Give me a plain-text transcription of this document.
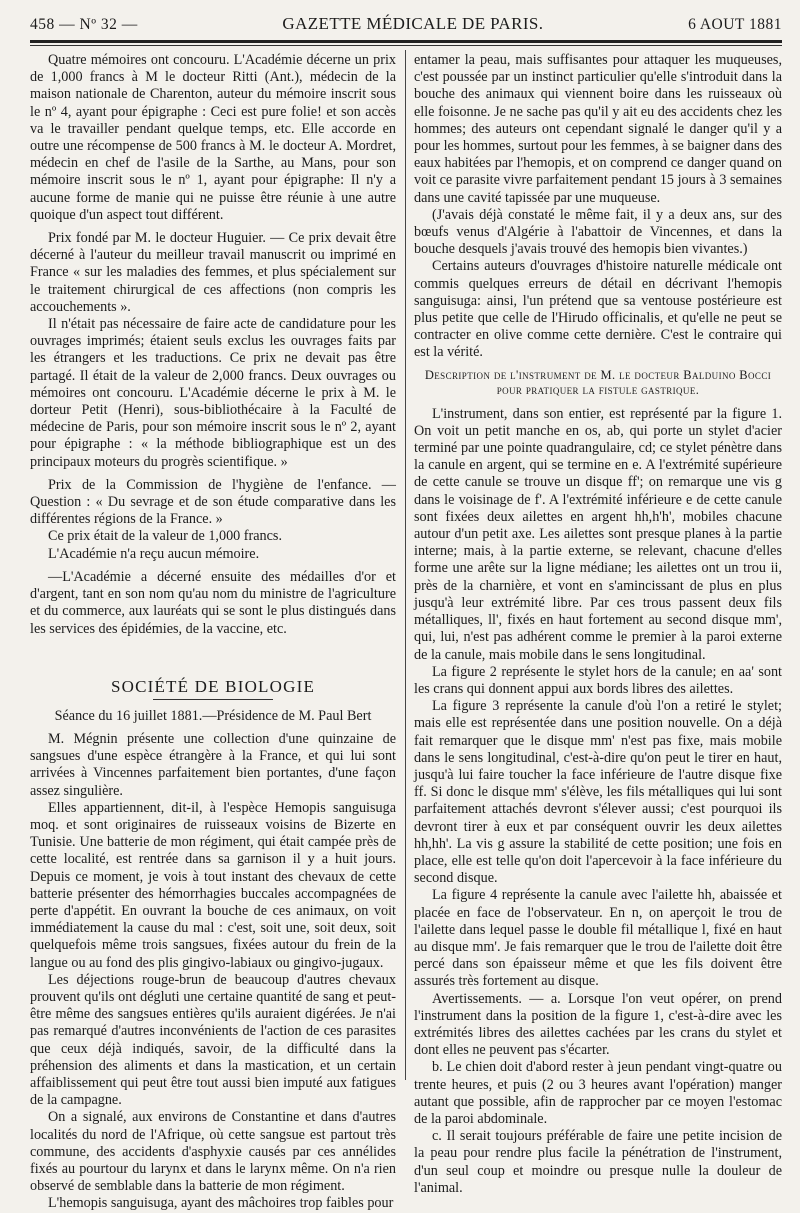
458 — Nº 32 —	GAZETTE MÉDICALE DE PARIS.	6 AOUT 1881

Quatre mémoires ont concouru. L'Académie décerne un prix de 1,000 francs à M le docteur Ritti (Ant.), médecin de la maison nationale de Charenton, auteur du mémoire inscrit sous le nº 4, ayant pour épigraphe : Ceci est pure folie! et son accès va le travailler pendant quelque temps, etc. Elle accorde en outre une récompense de 500 francs à M. le docteur A. Mordret, médecin en chef de l'asile de la Sarthe, au Mans, pour son mémoire inscrit sous le nº 1, ayant pour épigraphe: Il n'y a aucune forme de manie qui ne puisse être réunie à une autre quoique d'un aspect tout différent.

Prix fondé par M. le docteur Huguier. — Ce prix devait être décerné à l'auteur du meilleur travail manuscrit ou imprimé en France « sur les maladies des femmes, et plus spécialement sur le traitement chirurgical de ces affections (non compris les accouchements ».

Il n'était pas nécessaire de faire acte de candidature pour les ouvrages imprimés; étaient seuls exclus les ouvrages faits par les étrangers et les traductions. Ce prix ne devait pas être partagé. Il était de la valeur de 2,000 francs. Deux ouvrages ou mémoires ont concouru. L'Académie décerne le prix à M. le dorteur Petit (Henri), sous-bibliothécaire à la Faculté de médecine de Paris, pour son mémoire inscrit sous le nº 2, ayant pour épigraphe : « la méthode bibliographique est un des principaux moteurs du progrès scientifique. »

Prix de la Commission de l'hygiène de l'enfance. — Question : « Du sevrage et de son étude comparative dans les différentes régions de la France. »

Ce prix était de la valeur de 1,000 francs.

L'Académie n'a reçu aucun mémoire.

—L'Académie a décerné ensuite des médailles d'or et d'argent, tant en son nom qu'au nom du ministre de l'agriculture et du commerce, aux lauréats qui se sont le plus distingués dans les services des épidémies, de la vaccine, etc.

SOCIÉTÉ DE BIOLOGIE

Séance du 16 juillet 1881.—Présidence de M. Paul Bert

M. Mégnin présente une collection d'une quinzaine de sangsues d'une espèce étrangère à la France, et qui lui sont arrivées à Vincennes parfaitement bien portantes, d'une façon assez singulière.

Elles appartiennent, dit-il, à l'espèce Hemopis sanguisuga moq. et sont originaires de ruisseaux voisins de Bizerte en Tunisie. Une batterie de mon régiment, qui était campée près de cette localité, est rentrée dans sa garnison il y a huit jours. Depuis ce moment, je vois à tout instant des chevaux de cette batterie présenter des hémorrhagies buccales accompagnées de perte d'appétit. En ouvrant la bouche de ces animaux, on voit immédiatement la cause du mal : c'est, soit une, soit deux, soit quelquefois même trois sangsues, fixées autour du frein de la langue ou au fond des plis gingivo-labiaux ou gingivo-jugaux.

Les déjections rouge-brun de beaucoup d'autres chevaux prouvent qu'ils ont dégluti une certaine quantité de sang et peut-être même des sangsues entières qu'ils auraient digérées. Je n'ai pas remarqué d'autres inconvénients de l'action de ces parasites que ceux déjà indiqués, savoir, de la difficulté dans la préhension des aliments et dans la mastication, et un certain affaiblissement qui peut être tout aussi bien imputé aux fatigues de la campagne.

On a signalé, aux environs de Constantine et dans d'autres localités du nord de l'Afrique, où cette sangsue est partout très commune, des accidents d'asphyxie causés par ces annélides fixés au pourtour du larynx et dans le larynx même. On n'a rien observé de semblable dans la batterie de mon régiment.

L'hemopis sanguisuga, ayant des mâchoires trop faibles pour

entamer la peau, mais suffisantes pour attaquer les muqueuses, c'est poussée par un instinct particulier qu'elle s'introduit dans la bouche des animaux qui viennent boire dans les ruisseaux où elle foisonne. Je ne sache pas qu'il y ait eu des accidents chez les hommes; des auteurs ont cependant signalé le danger qu'il y a pour les hommes, surtout pour les femmes, à se baigner dans des eaux habitées par l'hemopis, et on comprend ce danger quand on voit ce parasite vivre parfaitement pendant 15 jours à 3 semaines dans une cavité tapissée par une muqueuse.

(J'avais déjà constaté le même fait, il y a deux ans, sur des bœufs venus d'Algérie à l'abattoir de Vincennes, et dans la bouche desquels j'avais trouvé des hemopis bien vivantes.)

Certains auteurs d'ouvrages d'histoire naturelle médicale ont commis quelques erreurs de détail en décrivant l'hemopis sanguisuga: ainsi, l'un prétend que sa ventouse postérieure est plus petite que celle de l'Hirudo officinalis, et qu'elle ne peut se contracter en olive comme cette dernière. C'est le contraire qui est la vérité.

Description de l'instrument de M. le docteur Balduino Bocci pour pratiquer la fistule gastrique.

L'instrument, dans son entier, est représenté par la figure 1. On voit un petit manche en os, ab, qui porte un stylet d'acier terminé par une pointe quadrangulaire, cd; ce stylet pénètre dans la canule en argent, qui se termine en e. A l'extrémité supérieure de cette canule se trouve un disque ff'; on remarque une vis g dans le voisinage de f'. A l'extrémité inférieure e de cette canule sont fixées deux ailettes en argent hh,h'h', mobiles chacune autour d'un petit axe. Les ailettes sont presque planes à la partie interne; mais, à la partie externe, se relevant, chacune d'elles forme une arête sur la ligne médiane; les ailettes ont un trou ii, près de la charnière, et vont en s'amincissant de plus en plus jusqu'à leur extrémité libre. Par ces trous passent deux fils métalliques, ll', fixés en haut fortement au second disque mm', qui, lui, n'est pas adhérent comme le premier à la paroi externe de la canule, mais mobile dans le sens longitudinal.

La figure 2 représente le stylet hors de la canule; en aa' sont les crans qui donnent appui aux bords libres des ailettes.

La figure 3 représente la canule d'où l'on a retiré le stylet; mais elle est représentée dans une position nouvelle. On a déjà fait remarquer que le disque mm' n'est pas fixe, mais mobile dans le sens longitudinal, c'est-à-dire qu'on peut le tirer en haut, jusqu'à lui faire toucher la face inférieure de l'autre disque fixe ff. Si donc le disque mm' s'élève, les fils métalliques qui lui sont parfaitement attachés devront s'élever aussi; c'est pourquoi ils devront tirer à eux et par conséquent ouvrir les deux ailettes hh,hh'. La vis g assure la stabilité de cette position; une fois en place, elle est telle qu'on doit l'apercevoir à la face inférieure du second disque.

La figure 4 représente la canule avec l'ailette hh, abaissée et placée en face de l'observateur. En n, on aperçoit le trou de l'ailette dans lequel passe le double fil métallique l, fixé en haut au disque mm'. Je fais remarquer que le trou de l'ailette doit être percé dans son épaisseur même et que les fils doivent être assurés très fortement au disque.

Avertissements. — a. Lorsque l'on veut opérer, on prend l'instrument dans la position de la figure 1, c'est-à-dire avec les extrémités libres des ailettes cachées par les crans du stylet et dont elles ne peuvent pas s'écarter.

b. Le chien doit d'abord rester à jeun pendant vingt-quatre ou trente heures, et puis (2 ou 3 heures avant l'opération) manger autant que possible, afin de rapprocher par ce moyen l'estomac de la paroi abdominale.

c. Il serait toujours préférable de faire une petite incision de la peau pour rendre plus facile la pénétration de l'instrument, d'un seul coup et moindre ou presque nulle la douleur de l'animal.
